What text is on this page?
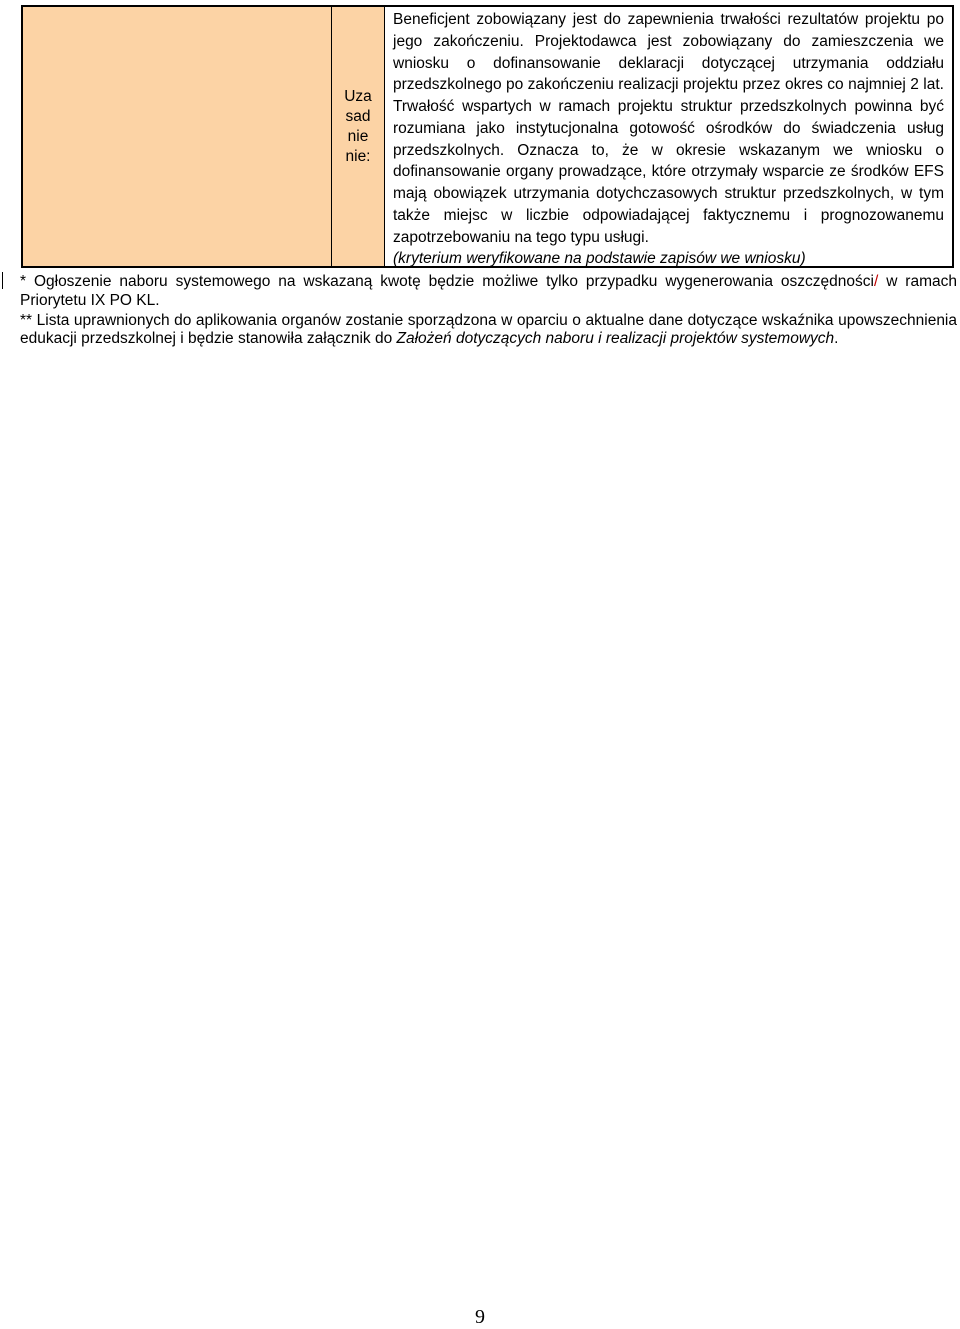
Uza
sad
nie
nie:
Beneficjent zobowiązany jest do zapewnienia trwałości rezultatów projektu po jego zakończeniu. Projektodawca jest zobowiązany do zamieszczenia we wniosku o dofinansowanie deklaracji dotyczącej utrzymania oddziału przedszkolnego po zakończeniu realizacji projektu przez okres co najmniej 2 lat. Trwałość wspartych w ramach projektu struktur przedszkolnych powinna być rozumiana jako instytucjonalna gotowość ośrodków do świadczenia usług przedszkolnych. Oznacza to, że w okresie wskazanym we wniosku o dofinansowanie organy prowadzące, które otrzymały wsparcie ze środków EFS mają obowiązek utrzymania dotychczasowych struktur przedszkolnych, w tym także miejsc w liczbie odpowiadającej faktycznemu i prognozowanemu zapotrzebowaniu na tego typu usługi.
(kryterium weryfikowane na podstawie zapisów we wniosku)

* Ogłoszenie naboru systemowego na wskazaną kwotę będzie możliwe tylko przypadku wygenerowania oszczędności/ w ramach Priorytetu IX PO KL.

** Lista uprawnionych do aplikowania organów zostanie sporządzona w oparciu o aktualne dane dotyczące wskaźnika upowszechnienia edukacji przedszkolnej i będzie stanowiła załącznik do Założeń dotyczących naboru i realizacji projektów systemowych.

9
